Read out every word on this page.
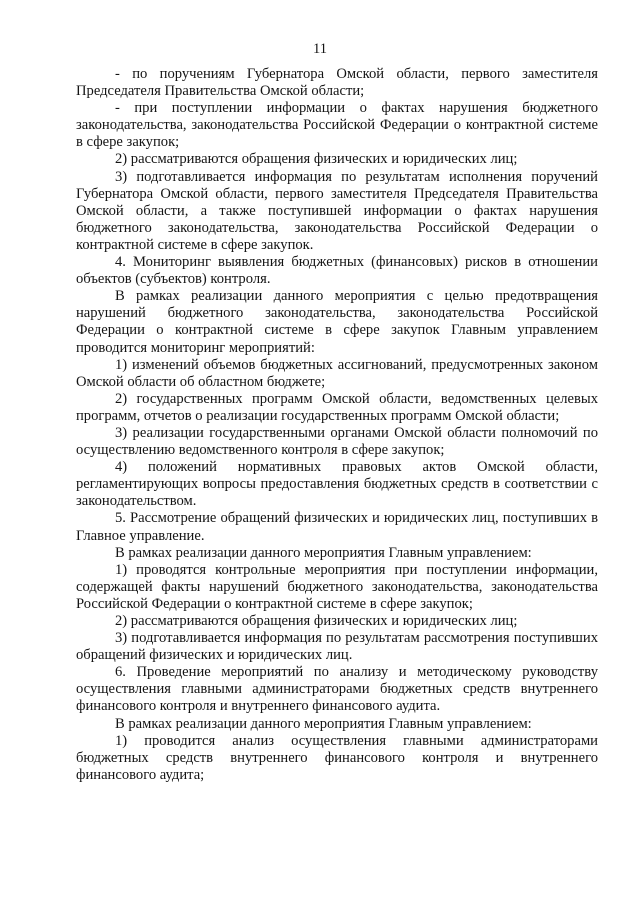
11

- по поручениям Губернатора Омской области, первого заместителя Председателя Правительства Омской области;

- при поступлении информации о фактах нарушения бюджетного законодательства, законодательства Российской Федерации о контрактной системе в сфере закупок;

2) рассматриваются обращения физических и юридических лиц;

3) подготавливается информация по результатам исполнения поручений Губернатора Омской области, первого заместителя Председателя Правительства Омской области, а также поступившей информации о фактах нарушения бюджетного законодательства, законодательства Российской Федерации о контрактной системе в сфере закупок.

4. Мониторинг выявления бюджетных (финансовых) рисков в отношении объектов (субъектов) контроля.

В рамках реализации данного мероприятия с целью предотвращения нарушений бюджетного законодательства, законодательства Российской Федерации о контрактной системе в сфере закупок Главным управлением проводится мониторинг мероприятий:

1) изменений объемов бюджетных ассигнований, предусмотренных законом Омской области об областном бюджете;

2) государственных программ Омской области, ведомственных целевых программ, отчетов о реализации государственных программ Омской области;

3) реализации государственными органами Омской области полномочий по осуществлению ведомственного контроля в сфере закупок;

4) положений нормативных правовых актов Омской области, регламентирующих вопросы предоставления бюджетных средств в соответствии с законодательством.

5. Рассмотрение обращений физических и юридических лиц, поступивших в Главное управление.

В рамках реализации данного мероприятия Главным управлением:

1) проводятся контрольные мероприятия при поступлении информации, содержащей факты нарушений бюджетного законодательства, законодательства Российской Федерации о контрактной системе в сфере закупок;

2) рассматриваются обращения физических и юридических лиц;

3) подготавливается информация по результатам рассмотрения поступивших обращений физических и юридических лиц.

6. Проведение мероприятий по анализу и методическому руководству осуществления главными администраторами бюджетных средств внутреннего финансового контроля и внутреннего финансового аудита.

В рамках реализации данного мероприятия Главным управлением:

1) проводится анализ осуществления главными администраторами бюджетных средств внутреннего финансового контроля и внутреннего финансового аудита;
